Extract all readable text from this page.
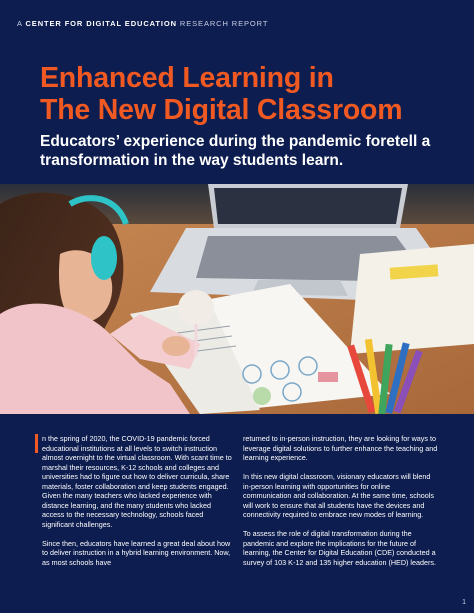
A CENTER FOR DIGITAL EDUCATION RESEARCH REPORT
Enhanced Learning in
The New Digital Classroom
Educators’ experience during the pandemic foretell a
transformation in the way students learn.

n the spring of 2020, the COVID-19 pandemic forced educational institutions at all levels to switch instruction almost overnight to the virtual classroom. With scant time to marshal their resources, K-12 schools and colleges and universities had to figure out how to deliver curricula, share materials, foster collaboration and keep students engaged. Given the many teachers who lacked experience with distance learning, and the many students who lacked access to the necessary technology, schools faced significant challenges.

Since then, educators have learned a great deal about how to deliver instruction in a hybrid learning environment. Now, as most schools have

returned to in-person instruction, they are looking for ways to leverage digital solutions to further enhance the teaching and learning experience.

In this new digital classroom, visionary educators will blend in-person learning with opportunities for online communication and collaboration. At the same time, schools will work to ensure that all students have the devices and connectivity required to embrace new modes of learning.

To assess the role of digital transformation during the pandemic and explore the implications for the future of learning, the Center for Digital Education (CDE) conducted a survey of 103 K-12 and 135 higher education (HED) leaders.

1
